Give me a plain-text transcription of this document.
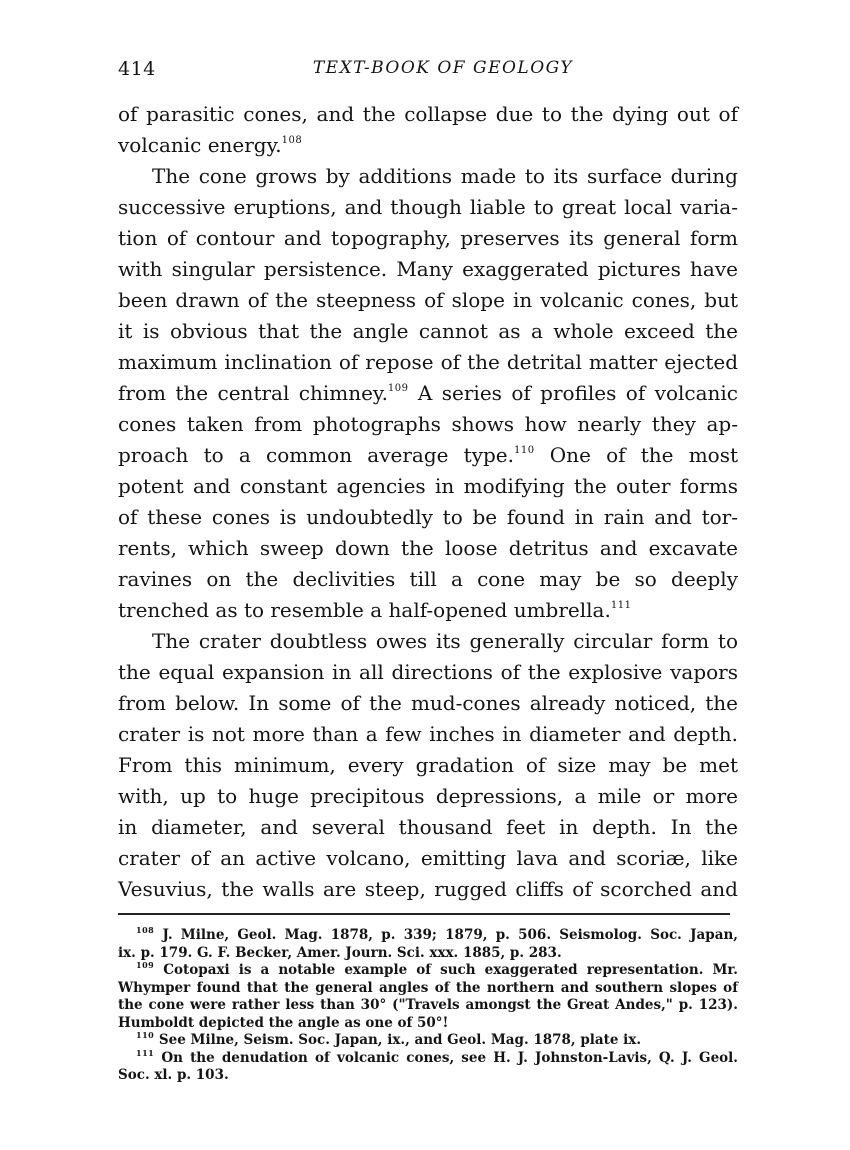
414	TEXT-BOOK OF GEOLOGY
of parasitic cones, and the collapse due to the dying out of
volcanic energy.$^{108}$
The cone grows by additions made to its surface during
successive eruptions, and though liable to great local varia-
tion of contour and topography, preserves its general form
with singular persistence. Many exaggerated pictures have
been drawn of the steepness of slope in volcanic cones, but
it is obvious that the angle cannot as a whole exceed the
maximum inclination of repose of the detrital matter ejected
from the central chimney.$^{109}$ A series of profiles of volcanic
cones taken from photographs shows how nearly they ap-
proach to a common average type.$^{110}$ One of the most
potent and constant agencies in modifying the outer forms
of these cones is undoubtedly to be found in rain and tor-
rents, which sweep down the loose detritus and excavate
ravines on the declivities till a cone may be so deeply
trenched as to resemble a half-opened umbrella.$^{111}$
The crater doubtless owes its generally circular form to
the equal expansion in all directions of the explosive vapors
from below. In some of the mud-cones already noticed, the
crater is not more than a few inches in diameter and depth.
From this minimum, every gradation of size may be met
with, up to huge precipitous depressions, a mile or more
in diameter, and several thousand feet in depth. In the
crater of an active volcano, emitting lava and scoriæ, like
Vesuvius, the walls are steep, rugged cliffs of scorched and
$^{108}$ J. Milne, Geol. Mag. 1878, p. 339; 1879, p. 506. Seismolog. Soc. Japan,
ix. p. 179. G. F. Becker, Amer. Journ. Sci. xxx. 1885, p. 283.
$^{109}$ Cotopaxi is a notable example of such exaggerated representation. Mr.
Whymper found that the general angles of the northern and southern slopes of
the cone were rather less than 30° ("Travels amongst the Great Andes," p. 123).
Humboldt depicted the angle as one of 50°!
$^{110}$ See Milne, Seism. Soc. Japan, ix., and Geol. Mag. 1878, plate ix.
$^{111}$ On the denudation of volcanic cones, see H. J. Johnston-Lavis, Q. J. Geol.
Soc. xl. p. 103.
